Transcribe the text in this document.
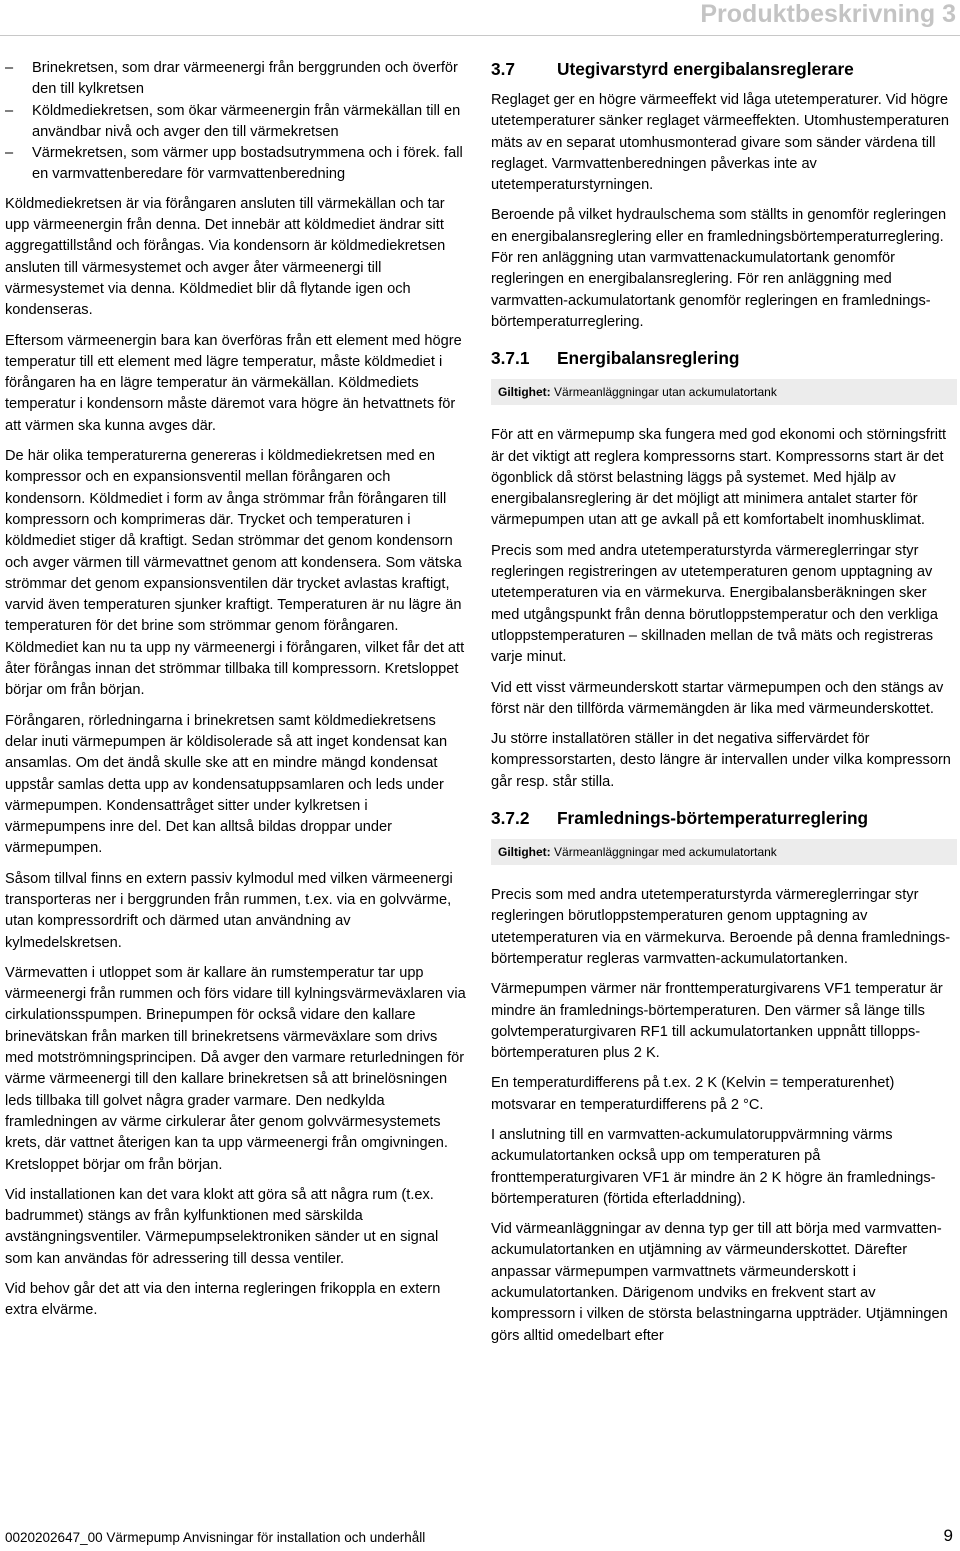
Produktbeskrivning 3
– Brinekretsen, som drar värmeenergi från berggrunden och överför den till kylkretsen
– Köldmediekretsen, som ökar värmeenergin från värmekällan till en användbar nivå och avger den till värmekretsen
– Värmekretsen, som värmer upp bostadsutrymmena och i förek. fall en varmvattenberedare för varmvattenberedning

Köldmediekretsen är via förångaren ansluten till värmekällan och tar upp värmeenergin från denna. Det innebär att köldmediet ändrar sitt aggregattillstånd och förångas. Via kondensorn är köldmediekretsen ansluten till värmesystemet och avger åter värmeenergi till värmesystemet via denna. Köldmediet blir då flytande igen och kondenseras.

Eftersom värmeenergin bara kan överföras från ett element med högre temperatur till ett element med lägre temperatur, måste köldmediet i förångaren ha en lägre temperatur än värmekällan. Köldmediets temperatur i kondensorn måste däremot vara högre än hetvattnets för att värmen ska kunna avges där.

De här olika temperaturerna genereras i köldmediekretsen med en kompressor och en expansionsventil mellan förångaren och kondensorn. Köldmediet i form av ånga strömmar från förångaren till kompressorn och komprimeras där. Trycket och temperaturen i köldmediet stiger då kraftigt. Sedan strömmar det genom kondensorn och avger värmen till värmevattnet genom att kondensera. Som vätska strömmar det genom expansionsventilen där trycket avlastas kraftigt, varvid även temperaturen sjunker kraftigt. Temperaturen är nu lägre än temperaturen för det brine som strömmar genom förångaren. Köldmediet kan nu ta upp ny värmeenergi i förångaren, vilket får det att åter förångas innan det strömmar tillbaka till kompressorn. Kretsloppet börjar om från början.

Förångaren, rörledningarna i brinekretsen samt köldmediekretsens delar inuti värmepumpen är köldisolerade så att inget kondensat kan ansamlas. Om det ändå skulle ske att en mindre mängd kondensat uppstår samlas detta upp av kondensatuppsamlaren och leds under värmepumpen. Kondensattråget sitter under kylkretsen i värmepumpens inre del. Det kan alltså bildas droppar under värmepumpen.

Såsom tillval finns en extern passiv kylmodul med vilken värmeenergi transporteras ner i berggrunden från rummen, t.ex. via en golvvärme, utan kompressordrift och därmed utan användning av kylmedelskretsen.

Värmevatten i utloppet som är kallare än rumstemperatur tar upp värmeenergi från rummen och förs vidare till kylningsvärmeväxlaren via cirkulationsspumpen. Brinepumpen för också vidare den kallare brinevätskan från marken till brinekretsens värmeväxlare som drivs med motströmningsprincipen. Då avger den varmare returledningen för värme värmeenergi till den kallare brinekretsen så att brinelösningen leds tillbaka till golvet några grader varmare. Den nedkylda framledningen av värme cirkulerar åter genom golvvärmesystemets krets, där vattnet återigen kan ta upp värmeenergi från omgivningen. Kretsloppet börjar om från början.

Vid installationen kan det vara klokt att göra så att några rum (t.ex. badrummet) stängs av från kylfunktionen med särskilda avstängningsventiler. Värmepumpselektroniken sänder ut en signal som kan användas för adressering till dessa ventiler.

Vid behov går det att via den interna regleringen frikoppla en extern extra elvärme.

3.7	Utegivarstyrd energibalansreglerare

Reglaget ger en högre värmeeffekt vid låga utetemperaturer. Vid högre utetemperaturer sänker reglaget värmeeffekten. Utomhustemperaturen mäts av en separat utomhusmonterad givare som sänder värdena till reglaget. Varmvattenberedningen påverkas inte av utetemperaturstyrningen.

Beroende på vilket hydraulschema som ställts in genomför regleringen en energibalansreglering eller en framledningsbörtemperaturreglering. För ren anläggning utan varmvattenackumulatortank genomför regleringen en energibalansreglering. För ren anläggning med varmvatten-ackumulatortank genomför regleringen en framlednings-börtemperaturreglering.

3.7.1	Energibalansreglering
Giltighet: Värmeanläggningar utan ackumulatortank

För att en värmepump ska fungera med god ekonomi och störningsfritt är det viktigt att reglera kompressorns start. Kompressorns start är det ögonblick då störst belastning läggs på systemet. Med hjälp av energibalansreglering är det möjligt att minimera antalet starter för värmepumpen utan att ge avkall på ett komfortabelt inomhusklimat.

Precis som med andra utetemperaturstyrda värmereglerringar styr regleringen registreringen av utetemperaturen genom upptagning av utetemperaturen via en värmekurva. Energibalansberäkningen sker med utgångspunkt från denna börutloppstemperatur och den verkliga utloppstemperaturen – skillnaden mellan de två mäts och registreras varje minut.

Vid ett visst värmeunderskott startar värmepumpen och den stängs av först när den tillförda värmemängden är lika med värmeunderskottet.

Ju större installatören ställer in det negativa siffervärdet för kompressorstarten, desto längre är intervallen under vilka kompressorn går resp. står stilla.

3.7.2	Framlednings-börtemperaturreglering
Giltighet: Värmeanläggningar med ackumulatortank

Precis som med andra utetemperaturstyrda värmereglerringar styr regleringen börutloppstemperaturen genom upptagning av utetemperaturen via en värmekurva. Beroende på denna framlednings-börtemperatur regleras varmvatten-ackumulatortanken.

Värmepumpen värmer när fronttemperaturgivarens VF1 temperatur är mindre än framlednings-börtemperaturen. Den värmer så länge tills golvtemperaturgivaren RF1 till ackumulatortanken uppnått tillopps-börtemperaturen plus 2 K.

En temperaturdifferens på t.ex. 2 K (Kelvin = temperaturenhet) motsvarar en temperaturdifferens på 2 °C.

I anslutning till en varmvatten-ackumulatoruppvärmning värms ackumulatortanken också upp om temperaturen på fronttemperaturgivaren VF1 är mindre än 2 K högre än framlednings-börtemperaturen (förtida efterladdning).

Vid värmeanläggningar av denna typ ger till att börja med varmvatten-ackumulatortanken en utjämning av värmeunderskottet. Därefter anpassar värmepumpen varmvattnets värmeunderskott i ackumulatortanken. Därigenom undviks en frekvent start av kompressorn i vilken de största belastningarna uppträder. Utjämningen görs alltid omedelbart efter

0020202647_00 Värmepump Anvisningar för installation och underhåll	9
